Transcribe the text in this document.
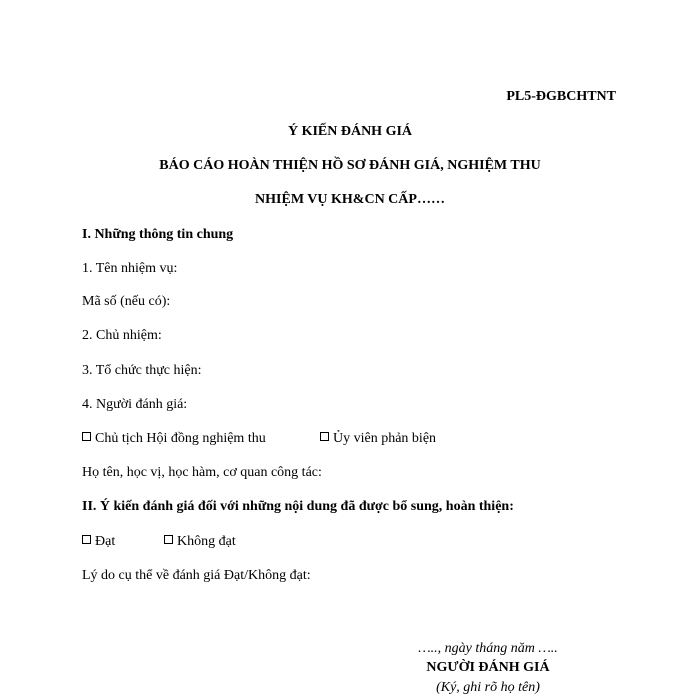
PL5-ĐGBCHTNT
Ý KIẾN ĐÁNH GIÁ
BÁO CÁO HOÀN THIỆN HỒ SƠ ĐÁNH GIÁ, NGHIỆM THU
NHIỆM VỤ KH&CN CẤP……
I. Những thông tin chung
1. Tên nhiệm vụ:
Mã số (nếu có):
2. Chủ nhiệm:
3. Tổ chức thực hiện:
4. Người đánh giá:
Chủ tịch Hội đồng nghiệm thu	Ủy viên phản biện
Họ tên, học vị, học hàm, cơ quan công tác:
II. Ý kiến đánh giá đối với những nội dung đã được bổ sung, hoàn thiện:
Đạt	Không đạt
Lý do cụ thể về đánh giá Đạt/Không đạt:
….., ngày tháng năm …..
NGƯỜI ĐÁNH GIÁ
(Ký, ghi rõ họ tên)
